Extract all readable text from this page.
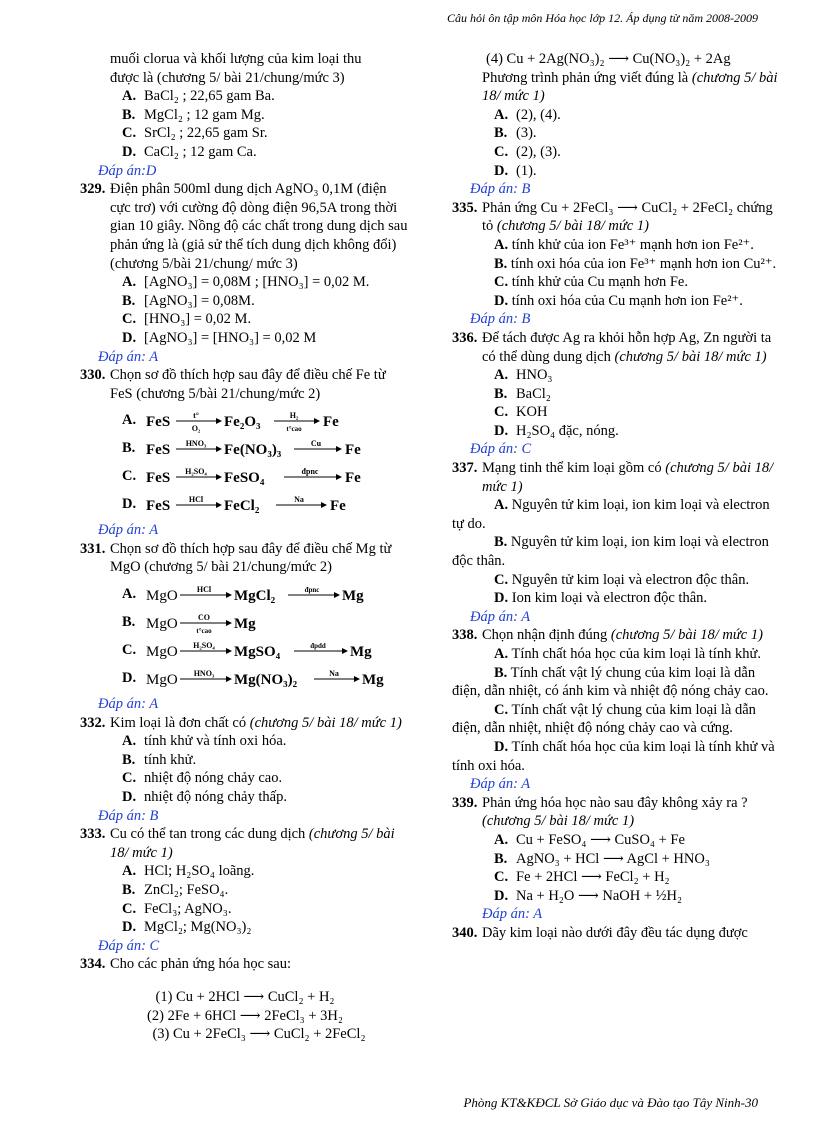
Câu hỏi ôn tập môn Hóa học lớp 12. Áp dụng từ năm 2008-2009

muối clorua và khối lượng của kim loại thu

được là (chương 5/ bài 21/chung/mức 3)

A. BaCl₂ ; 22,65 gam Ba.

B. MgCl₂ ; 12 gam Mg.

C. SrCl₂ ; 22,65 gam Sr.

D. CaCl₂ ; 12 gam Ca.

Đáp án:D

329. Điện phân 500ml dung dịch AgNO₃ 0,1M (điện cực trơ) với cường độ dòng điện 96,5A trong thời gian 10 giây. Nồng độ các chất trong dung dịch sau phản ứng là (giả sử thể tích dung dịch không đổi) (chương 5/bài 21/chung/ mức 3)

A. [AgNO₃] = 0,08M ; [HNO₃] = 0,02 M.

B. [AgNO₃] = 0,08M.

C. [HNO₃] = 0,02 M.

D. [AgNO₃] = [HNO₃] = 0,02 M

Đáp án: A

330. Chọn sơ đồ thích hợp sau đây để điều chế Fe từ FeS (chương 5/bài 21/chung/mức 2)
A. FeS	t°
O₂ Fe₂O₃	H₂
t°cao Fe
B. FeS HNO₃ Fe(NO₃)₃	Cu Fe
C. FeS H₂SO₄ FeSO₄	đpnc Fe
D. FeS HCl FeCl₂	Na Fe

Đáp án: A

331. Chọn sơ đồ thích hợp sau đây để điều chế Mg từ MgO (chương 5/ bài 21/chung/mức 2)
A. MgO HCl MgCl₂	đpnc Mg
B. MgO	CO
t°cao Mg
C. MgO H₂SO₄ MgSO₄	đpdd Mg
D. MgO HNO₃ Mg(NO₃)₂	Na Mg

Đáp án: A

332. Kim loại là đơn chất có (chương 5/ bài 18/ mức 1)

A. tính khử và tính oxi hóa.

B. tính khử.

C. nhiệt độ nóng chảy cao.

D. nhiệt độ nóng chảy thấp.

Đáp án: B

333. Cu có thể tan trong các dung dịch (chương 5/ bài 18/ mức 1)

A. HCl; H₂SO₄ loãng.

B. ZnCl₂; FeSO₄.

C. FeCl₃; AgNO₃.

D. MgCl₂; Mg(NO₃)₂

Đáp án: C

334. Cho các phản ứng hóa học sau:

(1) Cu + 2HCl ⟶ CuCl₂ + H₂

(2) 2Fe + 6HCl ⟶ 2FeCl₃ + 3H₂

(3) Cu + 2FeCl₃ ⟶ CuCl₂ + 2FeCl₂

(4) Cu + 2Ag(NO₃)₂ ⟶ Cu(NO₃)₂ + 2Ag

Phương trình phản ứng viết đúng là (chương 5/ bài 18/ mức 1)

A. (2), (4).

B. (3).

C. (2), (3).

D. (1).

Đáp án: B

335. Phản ứng Cu + 2FeCl₃ ⟶ CuCl₂ + 2FeCl₂ chứng tỏ (chương 5/ bài 18/ mức 1)

A. tính khử của ion Fe³⁺ mạnh hơn ion Fe²⁺.

B. tính oxi hóa của ion Fe³⁺ mạnh hơn ion Cu²⁺.

C. tính khử của Cu mạnh hơn Fe.

D. tính oxi hóa của Cu mạnh hơn ion Fe²⁺.

Đáp án: B

336. Để tách được Ag ra khỏi hỗn hợp Ag, Zn người ta có thể dùng dung dịch (chương 5/ bài 18/ mức 1)

A. HNO₃

B. BaCl₂

C. KOH

D. H₂SO₄ đặc, nóng.

Đáp án: C

337. Mạng tinh thể kim loại gồm có (chương 5/ bài 18/ mức 1)

A. Nguyên tử kim loại, ion kim loại và electron tự do.

B. Nguyên tử kim loại, ion kim loại và electron độc thân.

C. Nguyên tử kim loại và electron độc thân.

D. Ion kim loại và electron độc thân.

Đáp án: A

338. Chọn nhận định đúng (chương 5/ bài 18/ mức 1)

A. Tính chất hóa học của kim loại là tính khử.

B. Tính chất vật lý chung của kim loại là dẫn điện, dẫn nhiệt, có ánh kim và nhiệt độ nóng chảy cao.

C. Tính chất vật lý chung của kim loại là dẫn điện, dẫn nhiệt, nhiệt độ nóng chảy cao và cứng.

D. Tính chất hóa học của kim loại là tính khử và tính oxi hóa.

Đáp án: A

339. Phản ứng hóa học nào sau đây không xảy ra ? (chương 5/ bài 18/ mức 1)

A. Cu + FeSO₄ ⟶ CuSO₄ + Fe

B. AgNO₃ + HCl ⟶ AgCl + HNO₃

C. Fe + 2HCl ⟶ FeCl₂ + H₂

D. Na + H₂O ⟶ NaOH + ½H₂

Đáp án: A

340. Dãy kim loại nào dưới đây đều tác dụng được
Phòng KT&KĐCL Sở Giáo dục và Đào tạo Tây Ninh-30
